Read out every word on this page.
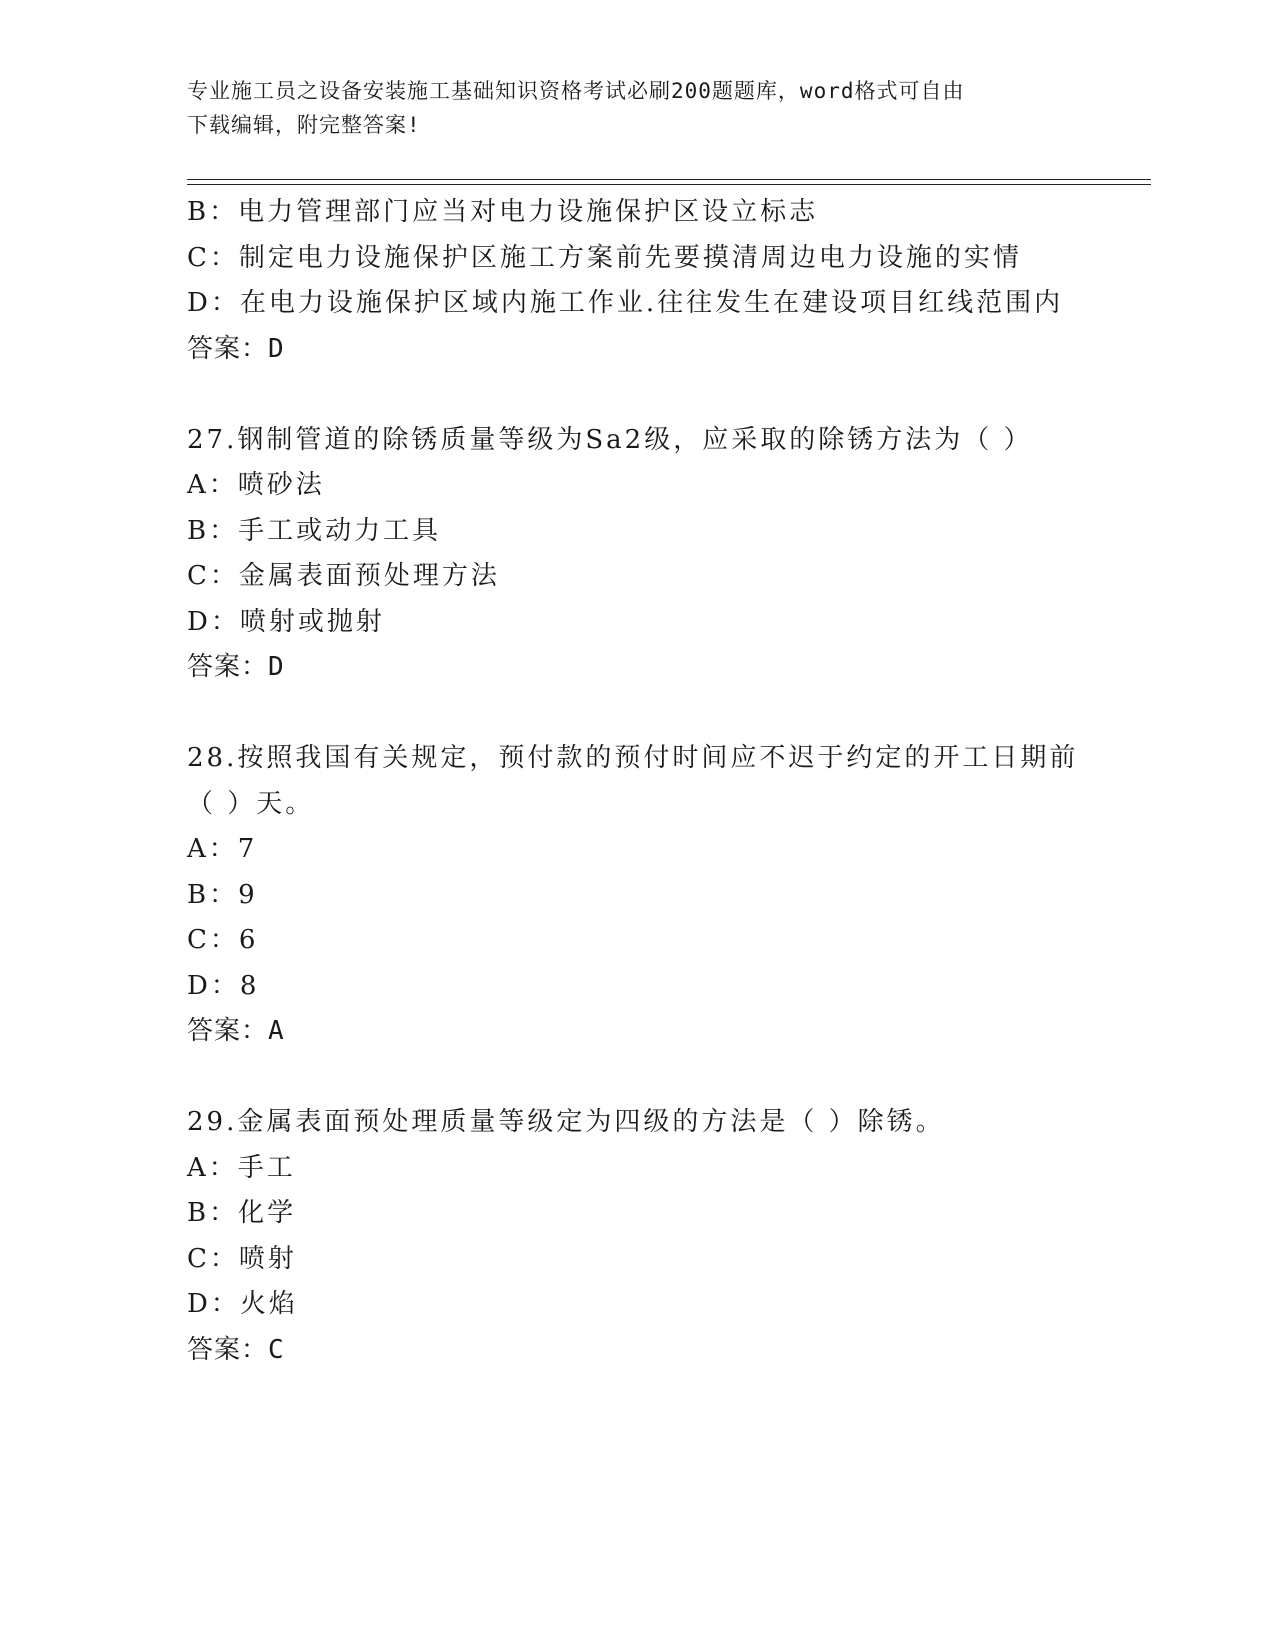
专业施工员之设备安装施工基础知识资格考试必刷200题题库，word格式可自由
下载编辑，附完整答案!
B：电力管理部门应当对电力设施保护区设立标志
C：制定电力设施保护区施工方案前先要摸清周边电力设施的实情
D：在电力设施保护区域内施工作业.往往发生在建设项目红线范围内
答案：D
27.钢制管道的除锈质量等级为Sa2级，应采取的除锈方法为（ ）
A：喷砂法
B：手工或动力工具
C：金属表面预处理方法
D：喷射或抛射
答案：D
28.按照我国有关规定，预付款的预付时间应不迟于约定的开工日期前
（ ）天。
A：7
B：9
C：6
D：8
答案：A
29.金属表面预处理质量等级定为四级的方法是（ ）除锈。
A：手工
B：化学
C：喷射
D：火焰
答案：C
